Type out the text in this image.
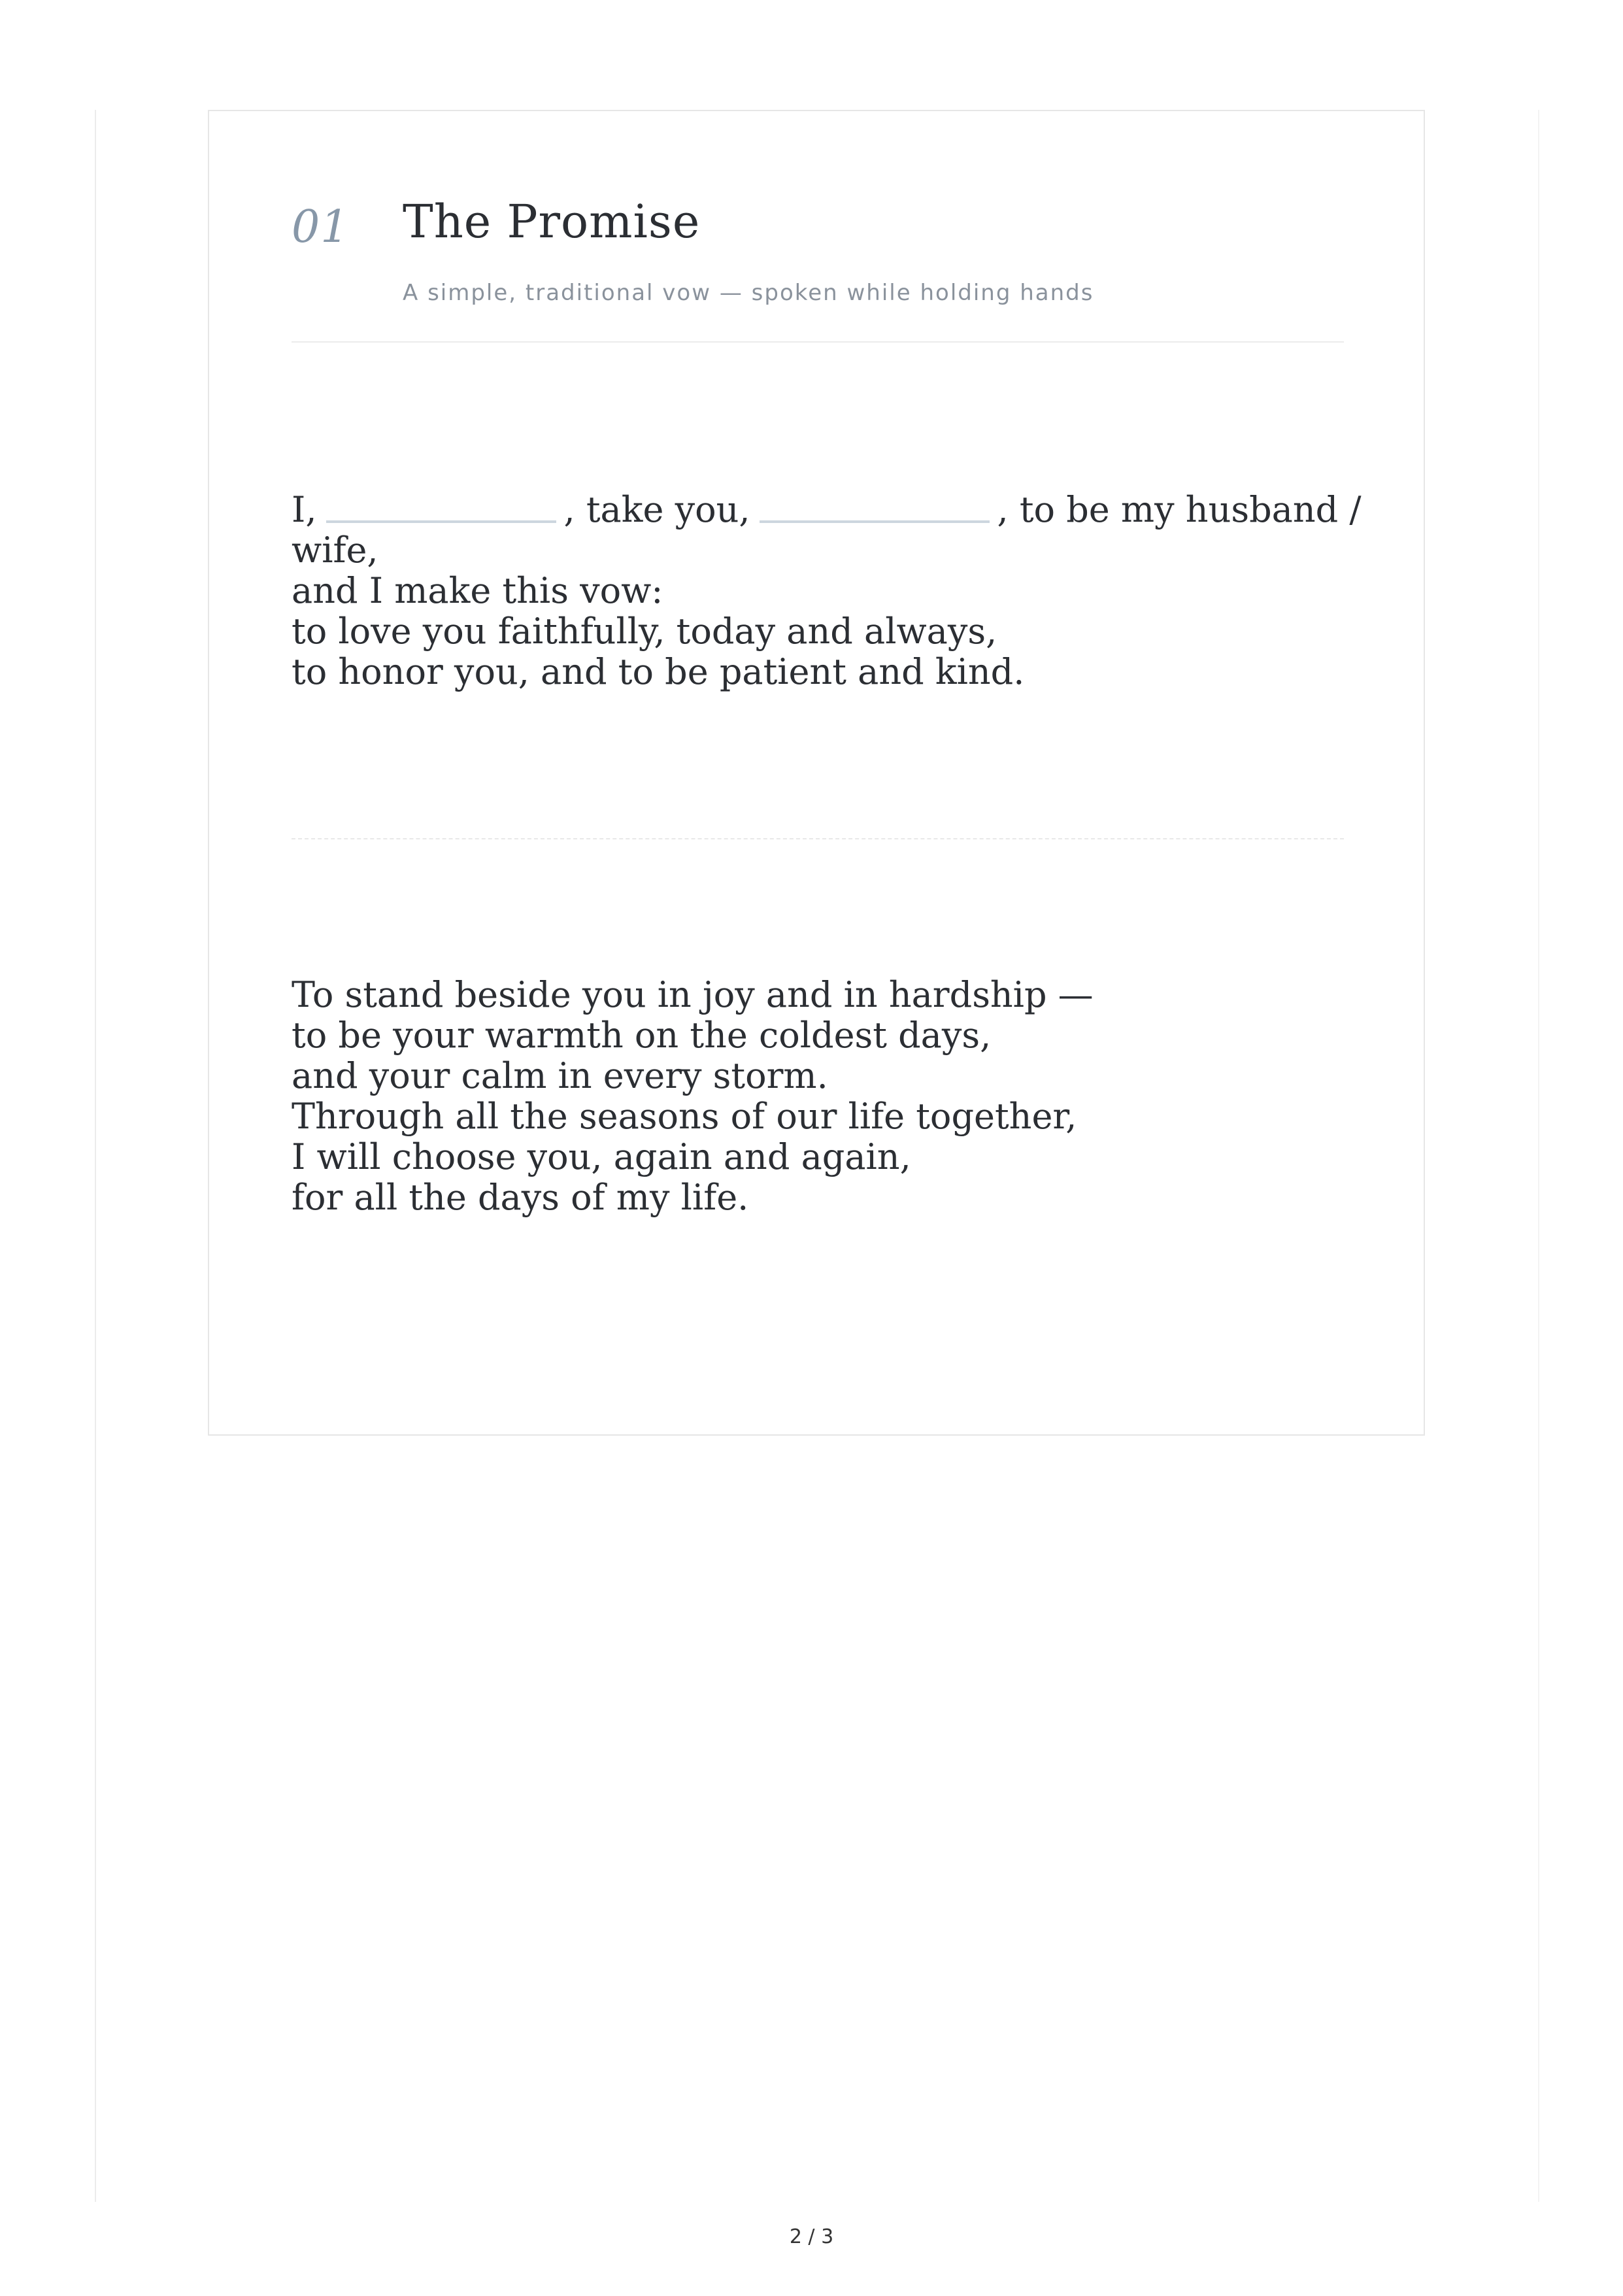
01 The Promise
A simple, traditional vow — spoken while holding hands
I,	, take you,	, to be my husband /
wife,
and I make this vow:
to love you faithfully, today and always,
to honor you, and to be patient and kind.
To stand beside you in joy and in hardship —
to be your warmth on the coldest days,
and your calm in every storm.
Through all the seasons of our life together,
I will choose you, again and again,
for all the days of my life.
2 / 3
